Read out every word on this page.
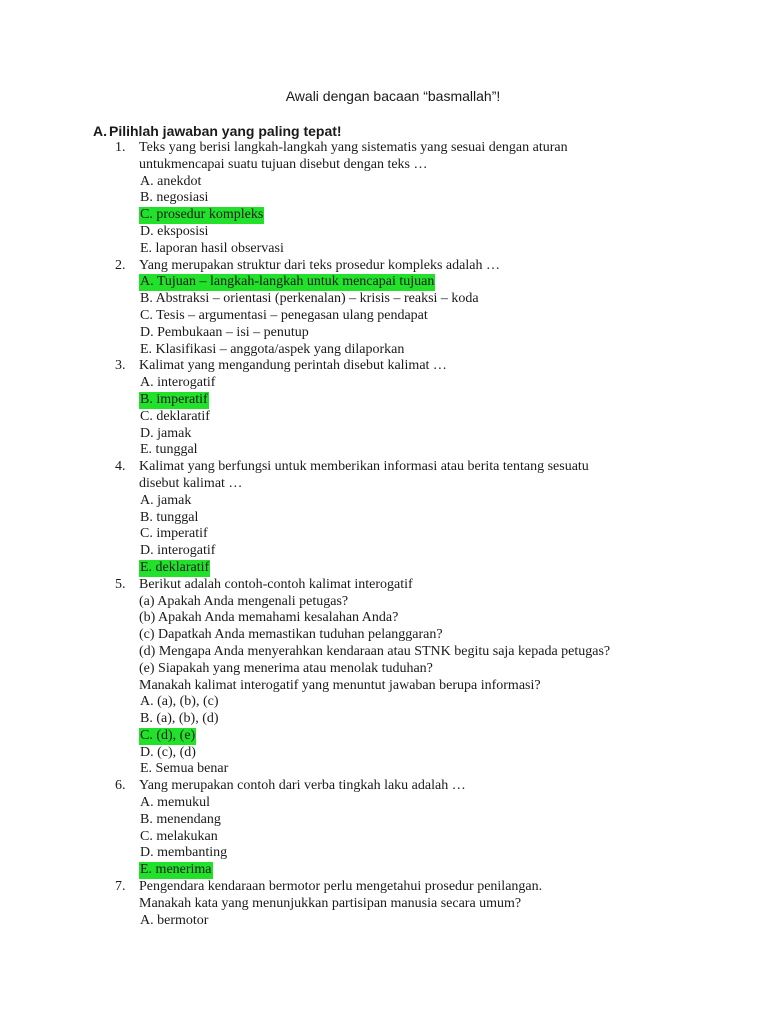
Awali dengan bacaan “basmallah”!
A. Pilihlah jawaban yang paling tepat!
1. Teks yang berisi langkah-langkah yang sistematis yang sesuai dengan aturan
untukmencapai suatu tujuan disebut dengan teks …
A. anekdot
B. negosiasi
C. prosedur kompleks
D. eksposisi
E. laporan hasil observasi
2. Yang merupakan struktur dari teks prosedur kompleks adalah …
A. Tujuan – langkah-langkah untuk mencapai tujuan
B. Abstraksi – orientasi (perkenalan) – krisis – reaksi – koda
C. Tesis – argumentasi – penegasan ulang pendapat
D. Pembukaan – isi – penutup
E. Klasifikasi – anggota/aspek yang dilaporkan
3. Kalimat yang mengandung perintah disebut kalimat …
A. interogatif
B. imperatif
C. deklaratif
D. jamak
E. tunggal
4. Kalimat yang berfungsi untuk memberikan informasi atau berita tentang sesuatu
disebut kalimat …
A. jamak
B. tunggal
C. imperatif
D. interogatif
E. deklaratif
5. Berikut adalah contoh-contoh kalimat interogatif
(a) Apakah Anda mengenali petugas?
(b) Apakah Anda memahami kesalahan Anda?
(c) Dapatkah Anda memastikan tuduhan pelanggaran?
(d) Mengapa Anda menyerahkan kendaraan atau STNK begitu saja kepada petugas?
(e) Siapakah yang menerima atau menolak tuduhan?
Manakah kalimat interogatif yang menuntut jawaban berupa informasi?
A. (a), (b), (c)
B. (a), (b), (d)
C. (d), (e)
D. (c), (d)
E. Semua benar
6. Yang merupakan contoh dari verba tingkah laku adalah …
A. memukul
B. menendang
C. melakukan
D. membanting
E. menerima
7. Pengendara kendaraan bermotor perlu mengetahui prosedur penilangan.
Manakah kata yang menunjukkan partisipan manusia secara umum?
A. bermotor
